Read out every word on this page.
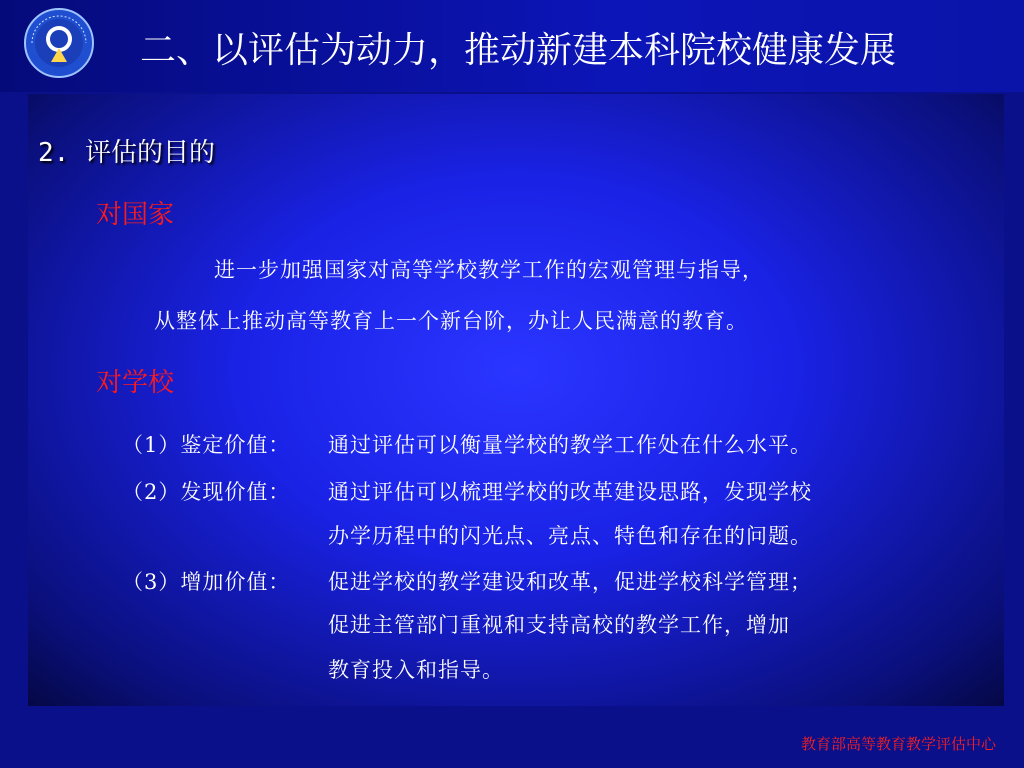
二、以评估为动力，推动新建本科院校健康发展
2. 评估的目的
对国家
进一步加强国家对高等学校教学工作的宏观管理与指导，
从整体上推动高等教育上一个新台阶，办让人民满意的教育。
对学校
（1）鉴定价值： 通过评估可以衡量学校的教学工作处在什么水平。
（2）发现价值： 通过评估可以梳理学校的改革建设思路，发现学校
办学历程中的闪光点、亮点、特色和存在的问题。
（3）增加价值： 促进学校的教学建设和改革，促进学校科学管理；
促进主管部门重视和支持高校的教学工作，增加
教育投入和指导。
教育部高等教育教学评估中心
